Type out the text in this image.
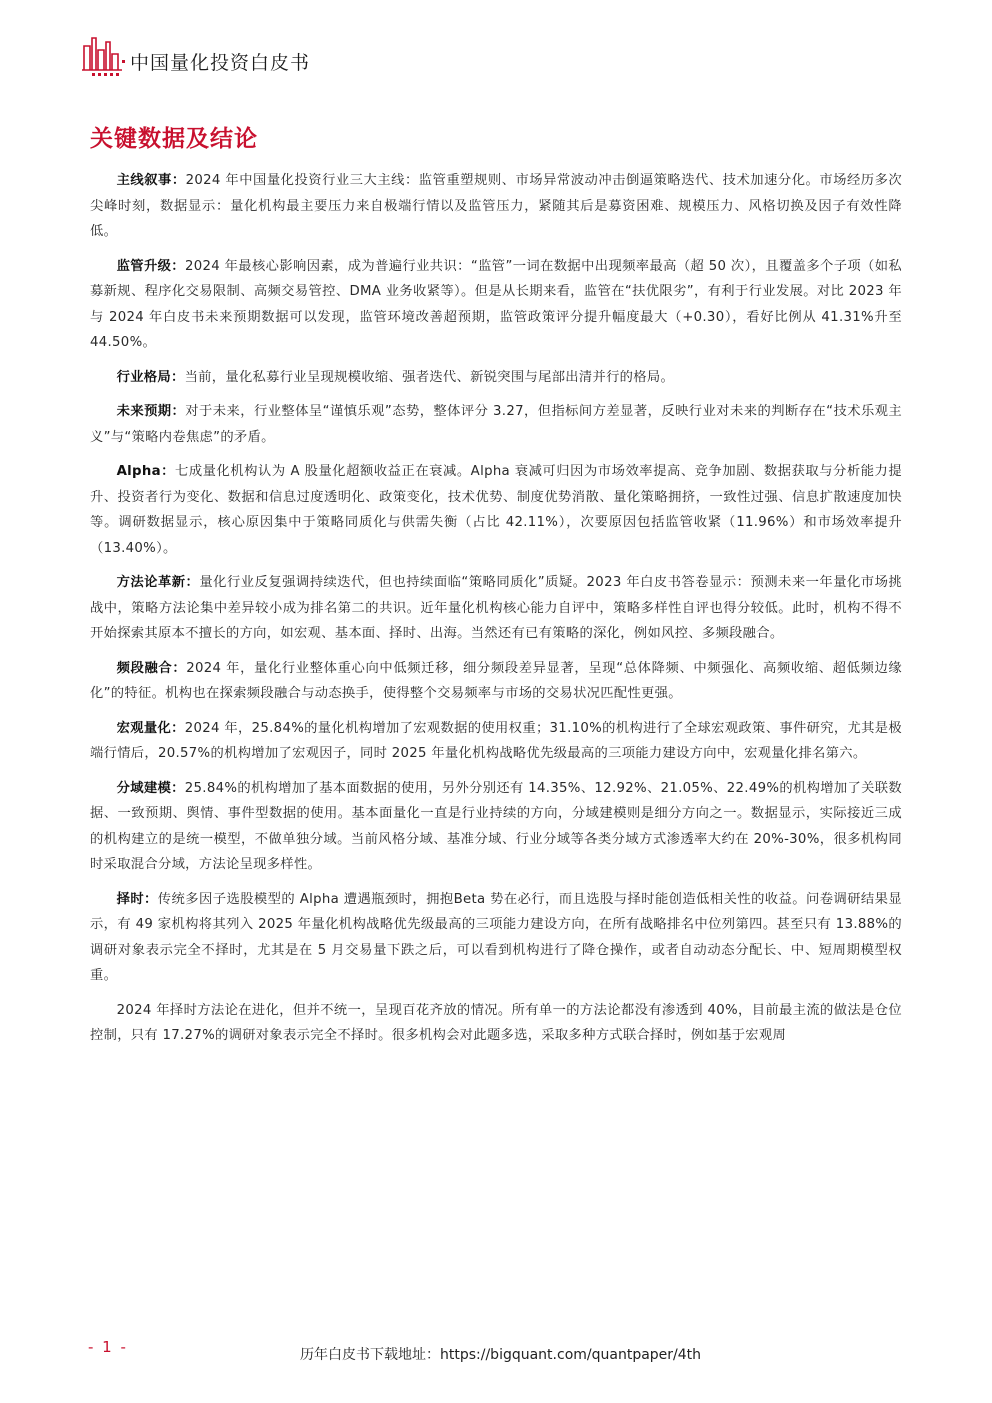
中国量化投资白皮书
关键数据及结论

主线叙事：2024 年中国量化投资行业三大主线：监管重塑规则、市场异常波动冲击倒逼策略迭代、技术加速分化。市场经历多次尖峰时刻，数据显示：量化机构最主要压力来自极端行情以及监管压力，紧随其后是募资困难、规模压力、风格切换及因子有效性降低。

监管升级：2024 年最核心影响因素，成为普遍行业共识：“监管”一词在数据中出现频率最高（超 50 次），且覆盖多个子项（如私募新规、程序化交易限制、高频交易管控、DMA 业务收紧等）。但是从长期来看，监管在“扶优限劣”，有利于行业发展。对比 2023 年与 2024 年白皮书未来预期数据可以发现，监管环境改善超预期，监管政策评分提升幅度最大（+0.30），看好比例从 41.31%升至 44.50%。

行业格局：当前，量化私募行业呈现规模收缩、强者迭代、新锐突围与尾部出清并行的格局。

未来预期：对于未来，行业整体呈“谨慎乐观”态势，整体评分 3.27，但指标间方差显著，反映行业对未来的判断存在“技术乐观主义”与“策略内卷焦虑”的矛盾。

Alpha：七成量化机构认为 A 股量化超额收益正在衰减。Alpha 衰减可归因为市场效率提高、竞争加剧、数据获取与分析能力提升、投资者行为变化、数据和信息过度透明化、政策变化，技术优势、制度优势消散、量化策略拥挤，一致性过强、信息扩散速度加快等。调研数据显示，核心原因集中于策略同质化与供需失衡（占比 42.11%），次要原因包括监管收紧（11.96%）和市场效率提升（13.40%）。

方法论革新：量化行业反复强调持续迭代，但也持续面临“策略同质化”质疑。2023 年白皮书答卷显示：预测未来一年量化市场挑战中，策略方法论集中差异较小成为排名第二的共识。近年量化机构核心能力自评中，策略多样性自评也得分较低。此时，机构不得不开始探索其原本不擅长的方向，如宏观、基本面、择时、出海。当然还有已有策略的深化，例如风控、多频段融合。

频段融合：2024 年，量化行业整体重心向中低频迁移，细分频段差异显著，呈现“总体降频、中频强化、高频收缩、超低频边缘化”的特征。机构也在探索频段融合与动态换手，使得整个交易频率与市场的交易状况匹配性更强。

宏观量化：2024 年，25.84%的量化机构增加了宏观数据的使用权重；31.10%的机构进行了全球宏观政策、事件研究，尤其是极端行情后，20.57%的机构增加了宏观因子，同时 2025 年量化机构战略优先级最高的三项能力建设方向中，宏观量化排名第六。

分域建模：25.84%的机构增加了基本面数据的使用，另外分别还有 14.35%、12.92%、21.05%、22.49%的机构增加了关联数据、一致预期、舆情、事件型数据的使用。基本面量化一直是行业持续的方向，分域建模则是细分方向之一。数据显示，实际接近三成的机构建立的是统一模型，不做单独分域。当前风格分域、基准分域、行业分域等各类分域方式渗透率大约在 20%-30%，很多机构同时采取混合分域，方法论呈现多样性。

择时：传统多因子选股模型的 Alpha 遭遇瓶颈时，拥抱Beta 势在必行，而且选股与择时能创造低相关性的收益。问卷调研结果显示，有 49 家机构将其列入 2025 年量化机构战略优先级最高的三项能力建设方向，在所有战略排名中位列第四。甚至只有 13.88%的调研对象表示完全不择时，尤其是在 5 月交易量下跌之后，可以看到机构进行了降仓操作，或者自动动态分配长、中、短周期模型权重。

2024 年择时方法论在进化，但并不统一，呈现百花齐放的情况。所有单一的方法论都没有渗透到 40%，目前最主流的做法是仓位控制，只有 17.27%的调研对象表示完全不择时。很多机构会对此题多选，采取多种方式联合择时，例如基于宏观周

- 1 -	历年白皮书下载地址：https://bigquant.com/quantpaper/4th
